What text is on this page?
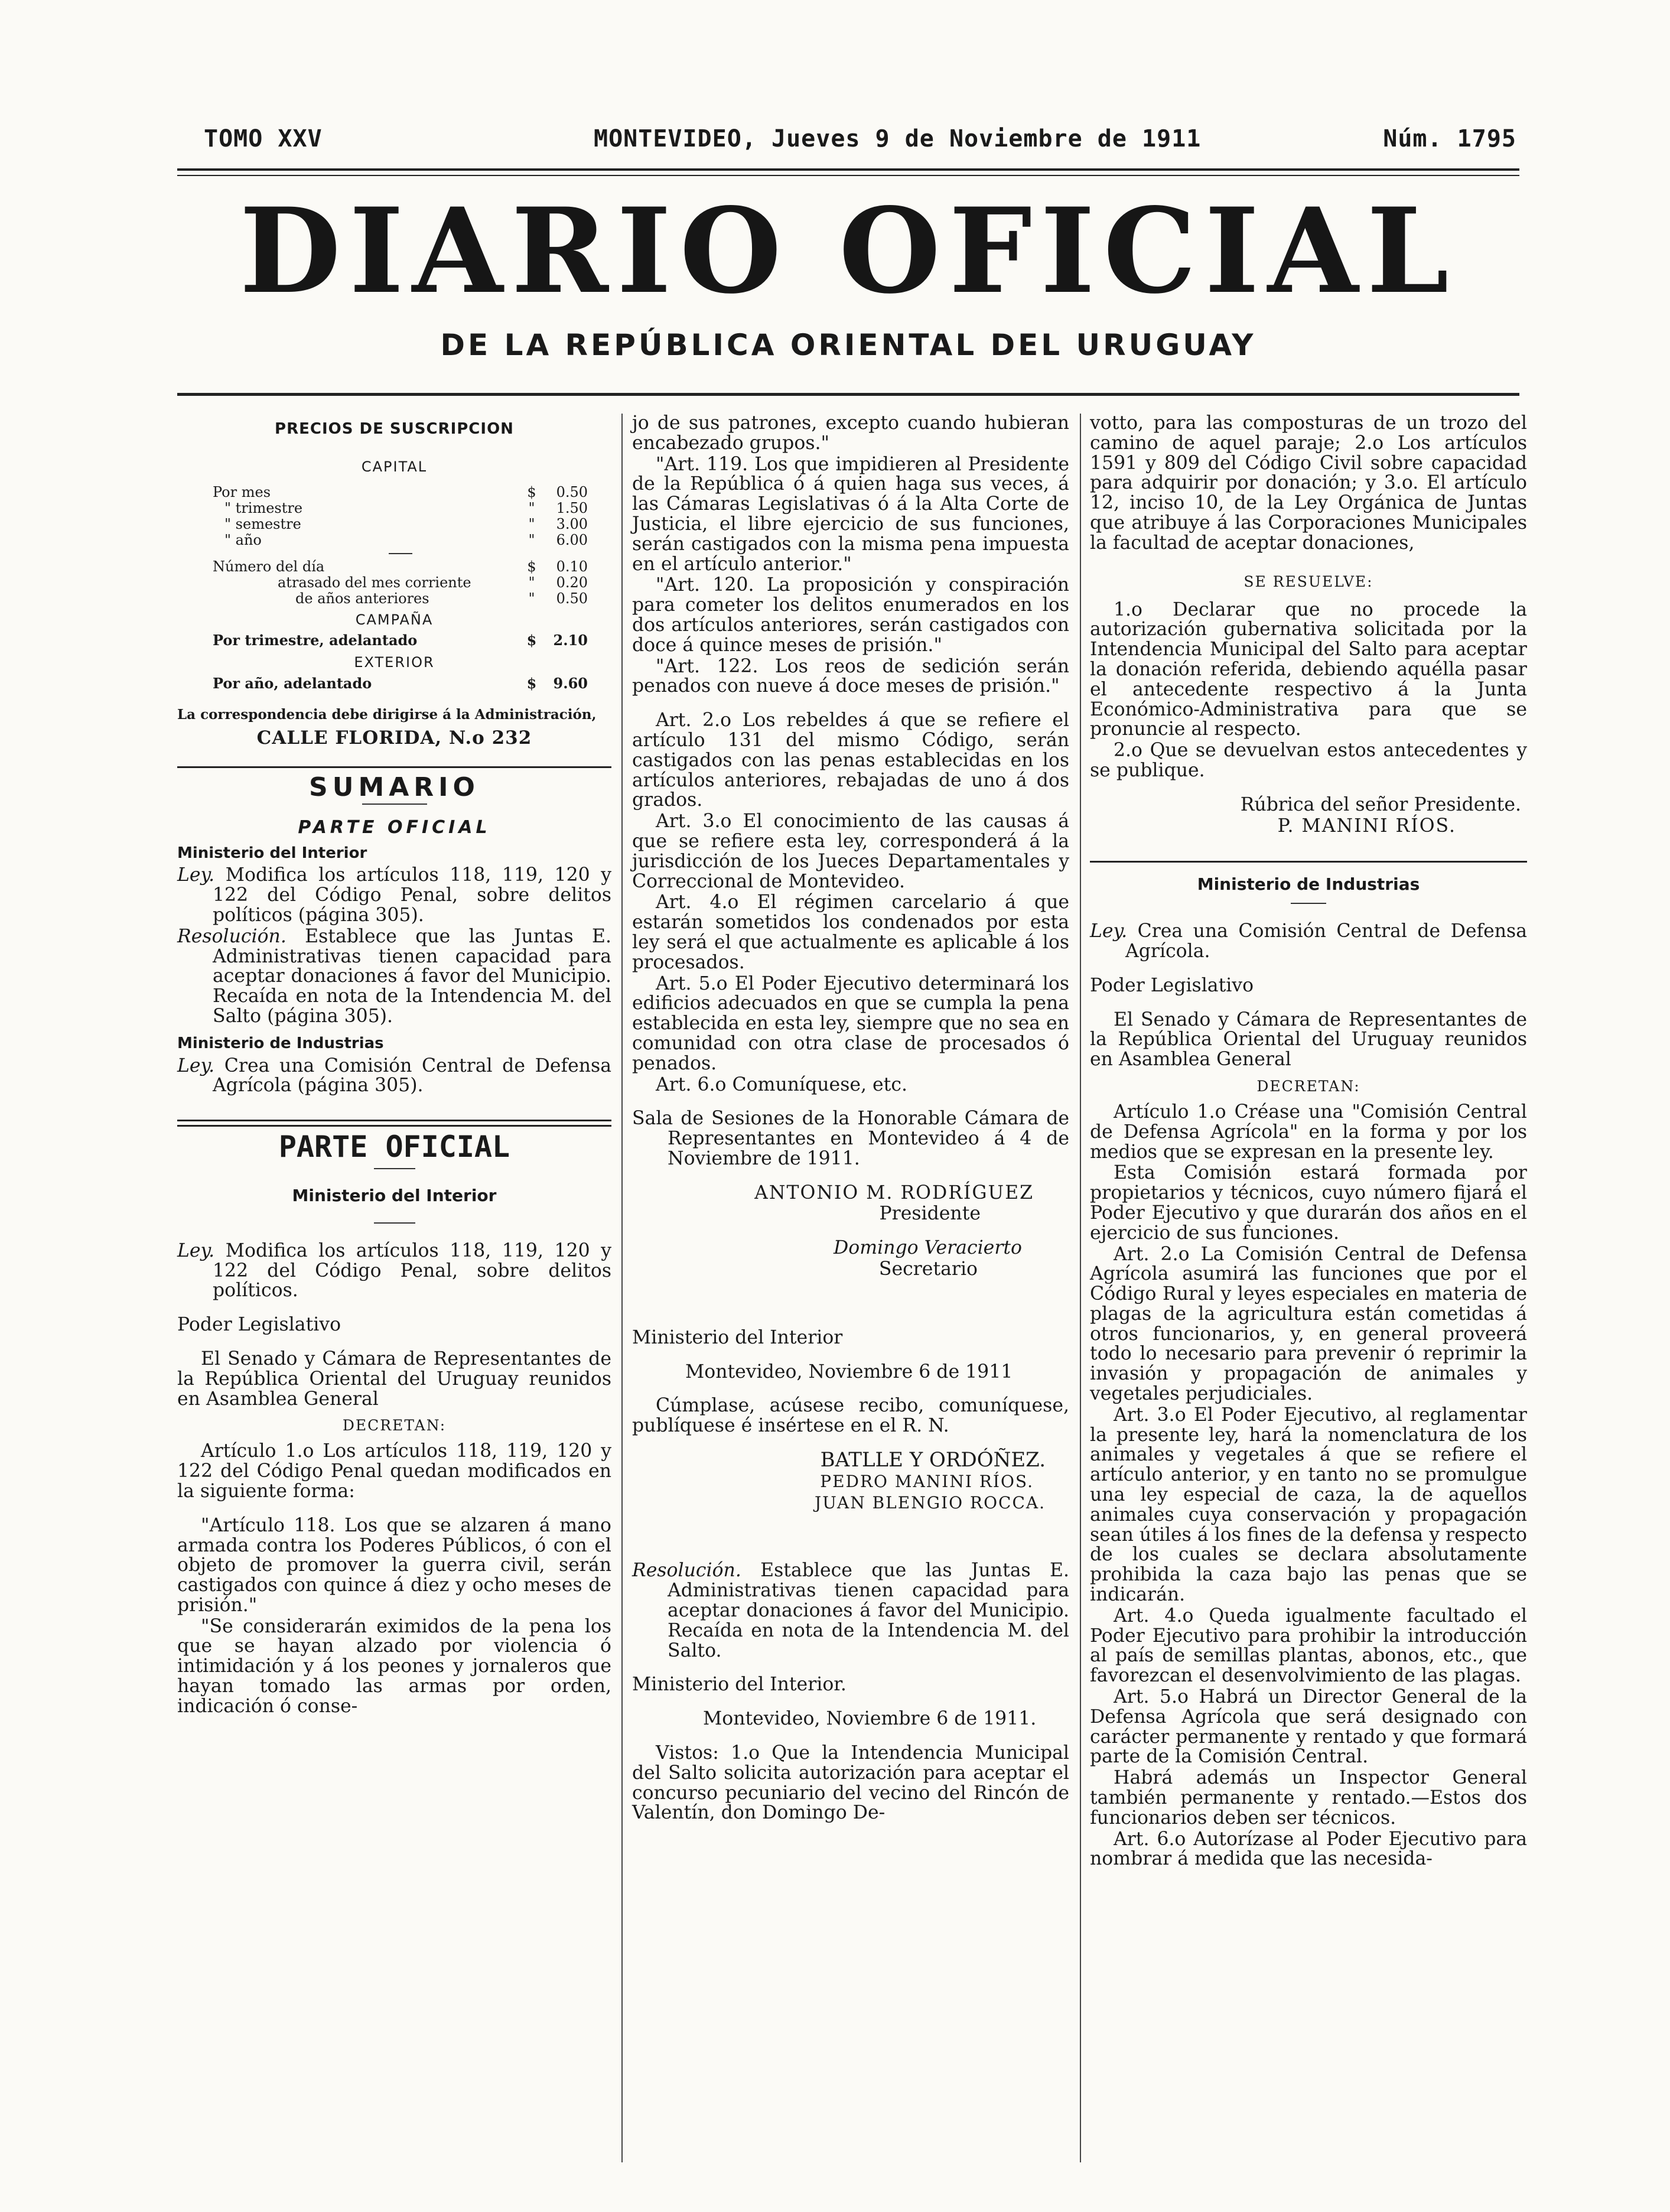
TOMO XXV	MONTEVIDEO, Jueves 9 de Noviembre de 1911	Núm. 1795
DIARIO OFICIAL
DE LA REPÚBLICA ORIENTAL DEL URUGUAY
PRECIOS DE SUSCRIPCION
CAPITAL
Por mes	$	0.50
" trimestre	"	1.50
" semestre	"	3.00
" año	"	6.00
Número del día	$	0.10
atrasado del mes corriente	"	0.20
de años anteriores	"	0.50
CAMPAÑA
Por trimestre, adelantado	$	2.10
EXTERIOR
Por año, adelantado	$	9.60
La correspondencia debe dirigirse á la Administración,
CALLE FLORIDA, N.o 232
SUMARIO
PARTE OFICIAL
Ministerio del Interior

Ley. Modifica los artículos 118, 119, 120 y 122 del Código Penal, sobre delitos políticos (página 305).

Resolución. Establece que las Juntas E. Administrativas tienen capacidad para aceptar donaciones á favor del Municipio. Recaída en nota de la Intendencia M. del Salto (página 305).

Ministerio de Industrias

Ley. Crea una Comisión Central de Defensa Agrícola (página 305).

PARTE OFICIAL
Ministerio del Interior

Ley. Modifica los artículos 118, 119, 120 y 122 del Código Penal, sobre delitos políticos.

Poder Legislativo

El Senado y Cámara de Representantes de la República Oriental del Uruguay reunidos en Asamblea General

DECRETAN:

Artículo 1.o Los artículos 118, 119, 120 y 122 del Código Penal quedan modificados en la siguiente forma:

"Artículo 118. Los que se alzaren á mano armada contra los Poderes Públicos, ó con el objeto de promover la guerra civil, serán castigados con quince á diez y ocho meses de prisión."

"Se considerarán eximidos de la pena los que se hayan alzado por violencia ó intimidación y á los peones y jornaleros que hayan tomado las armas por orden, indicación ó conse-

jo de sus patrones, excepto cuando hubieran encabezado grupos."

"Art. 119. Los que impidieren al Presidente de la República ó á quien haga sus veces, á las Cámaras Legislativas ó á la Alta Corte de Justicia, el libre ejercicio de sus funciones, serán castigados con la misma pena impuesta en el artículo anterior."

"Art. 120. La proposición y conspiración para cometer los delitos enumerados en los dos artículos anteriores, serán castigados con doce á quince meses de prisión."

"Art. 122. Los reos de sedición serán penados con nueve á doce meses de prisión."

Art. 2.o Los rebeldes á que se refiere el artículo 131 del mismo Código, serán castigados con las penas establecidas en los artículos anteriores, rebajadas de uno á dos grados.

Art. 3.o El conocimiento de las causas á que se refiere esta ley, corresponderá á la jurisdicción de los Jueces Departamentales y Correccional de Montevideo.

Art. 4.o El régimen carcelario á que estarán sometidos los condenados por esta ley será el que actualmente es aplicable á los procesados.

Art. 5.o El Poder Ejecutivo determinará los edificios adecuados en que se cumpla la pena establecida en esta ley, siempre que no sea en comunidad con otra clase de procesados ó penados.

Art. 6.o Comuníquese, etc.

Sala de Sesiones de la Honorable Cámara de Representantes en Montevideo á 4 de Noviembre de 1911.

ANTONIO M. RODRÍGUEZ

Presidente

Domingo Veracierto

Secretario

Ministerio del Interior

Montevideo, Noviembre 6 de 1911

Cúmplase, acúsese recibo, comuníquese, publíquese é insértese en el R. N.

BATLLE Y ORDÓÑEZ.

PEDRO MANINI RÍOS.

JUAN BLENGIO ROCCA.

Resolución. Establece que las Juntas E. Administrativas tienen capacidad para aceptar donaciones á favor del Municipio. Recaída en nota de la Intendencia M. del Salto.

Ministerio del Interior.

Montevideo, Noviembre 6 de 1911.

Vistos: 1.o Que la Intendencia Municipal del Salto solicita autorización para aceptar el concurso pecuniario del vecino del Rincón de Valentín, don Domingo De-

votto, para las composturas de un trozo del camino de aquel paraje; 2.o Los artículos 1591 y 809 del Código Civil sobre capacidad para adquirir por donación; y 3.o. El artículo 12, inciso 10, de la Ley Orgánica de Juntas que atribuye á las Corporaciones Municipales la facultad de aceptar donaciones,

SE RESUELVE:

1.o Declarar que no procede la autorización gubernativa solicitada por la Intendencia Municipal del Salto para aceptar la donación referida, debiendo aquélla pasar el antecedente respectivo á la Junta Económico-Administrativa para que se pronuncie al respecto.

2.o Que se devuelvan estos antecedentes y se publique.

Rúbrica del señor Presidente.

P. MANINI RÍOS.

Ministerio de Industrias

Ley. Crea una Comisión Central de Defensa Agrícola.

Poder Legislativo

El Senado y Cámara de Representantes de la República Oriental del Uruguay reunidos en Asamblea General

DECRETAN:

Artículo 1.o Créase una "Comisión Central de Defensa Agrícola" en la forma y por los medios que se expresan en la presente ley.

Esta Comisión estará formada por propietarios y técnicos, cuyo número fijará el Poder Ejecutivo y que durarán dos años en el ejercicio de sus funciones.

Art. 2.o La Comisión Central de Defensa Agrícola asumirá las funciones que por el Código Rural y leyes especiales en materia de plagas de la agricultura están cometidas á otros funcionarios, y, en general proveerá todo lo necesario para prevenir ó reprimir la invasión y propagación de animales y vegetales perjudiciales.

Art. 3.o El Poder Ejecutivo, al reglamentar la presente ley, hará la nomenclatura de los animales y vegetales á que se refiere el artículo anterior, y en tanto no se promulgue una ley especial de caza, la de aquellos animales cuya conservación y propagación sean útiles á los fines de la defensa y respecto de los cuales se declara absolutamente prohibida la caza bajo las penas que se indicarán.

Art. 4.o Queda igualmente facultado el Poder Ejecutivo para prohibir la introducción al país de semillas plantas, abonos, etc., que favorezcan el desenvolvimiento de las plagas.

Art. 5.o Habrá un Director General de la Defensa Agrícola que será designado con carácter permanente y rentado y que formará parte de la Comisión Central.

Habrá además un Inspector General también permanente y rentado.—Estos dos funcionarios deben ser técnicos.

Art. 6.o Autorízase al Poder Ejecutivo para nombrar á medida que las necesida-
